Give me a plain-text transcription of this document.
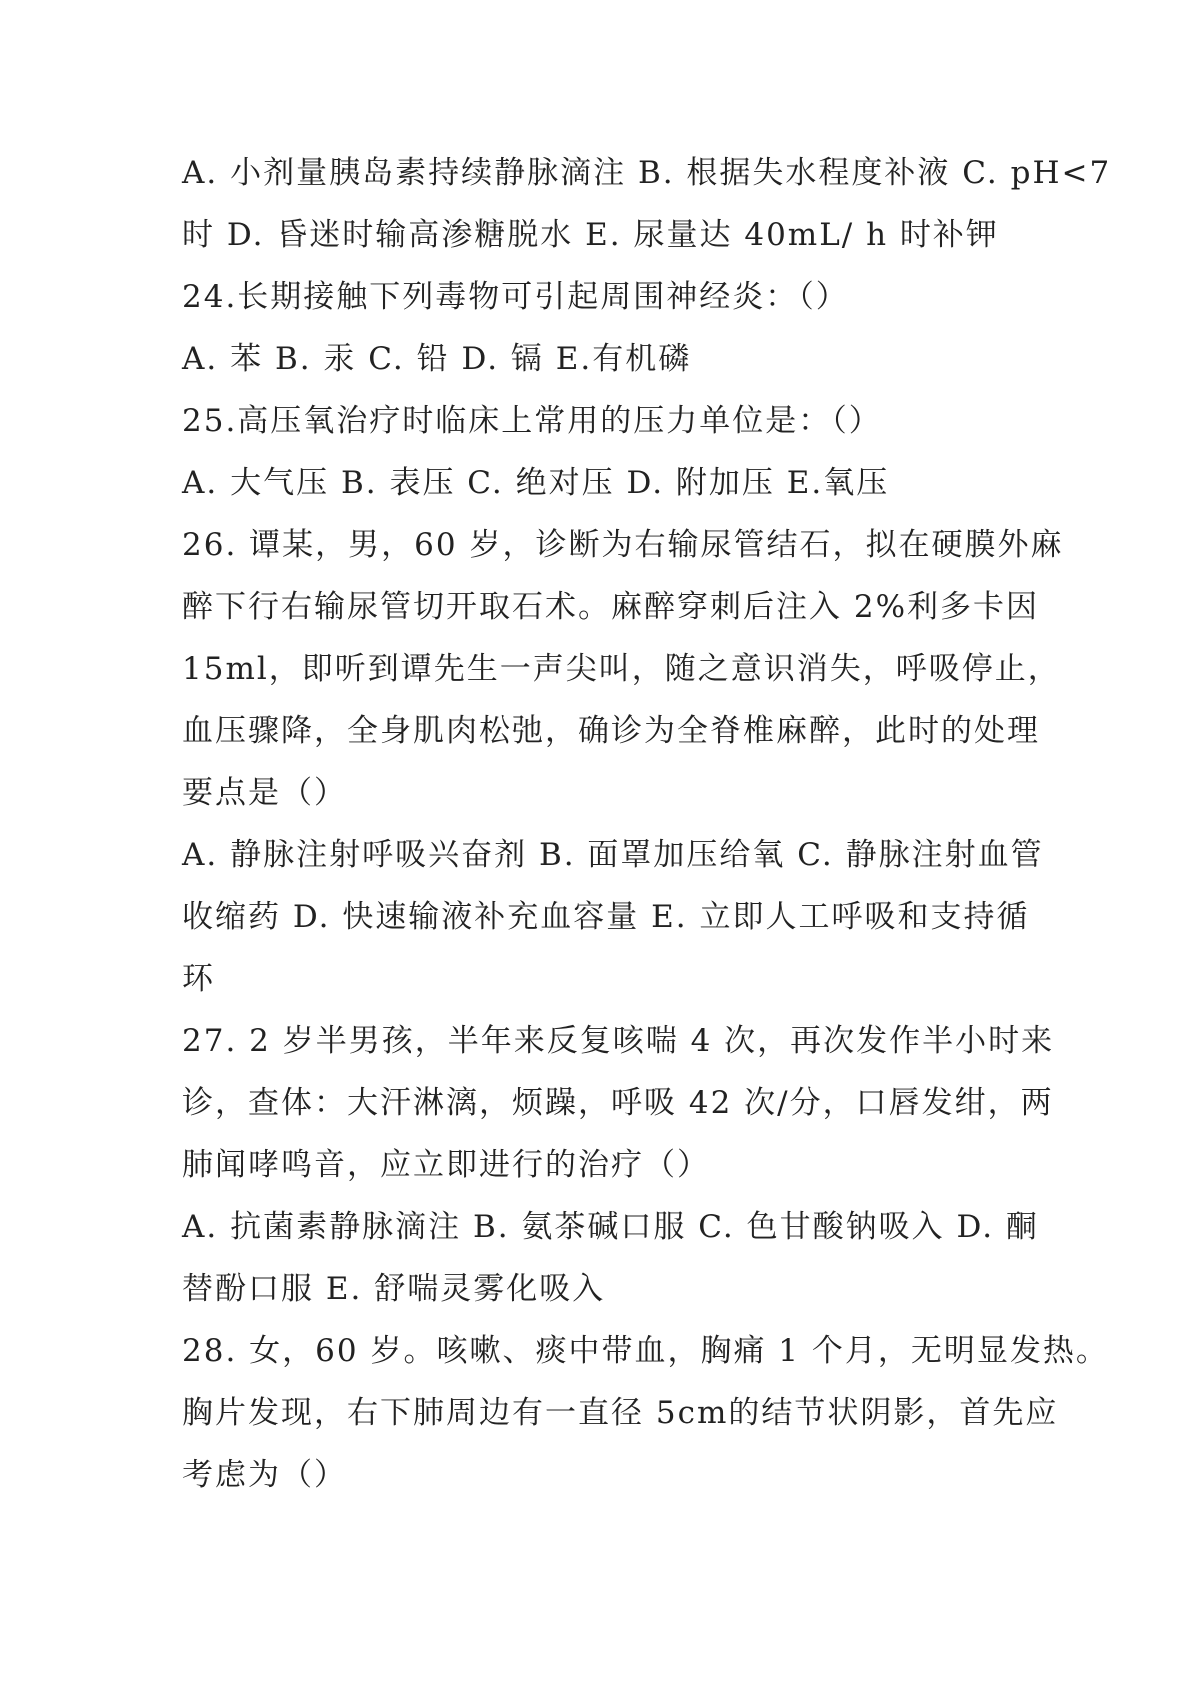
A. 小剂量胰岛素持续静脉滴注 B. 根据失水程度补液 C. pH<7
时 D. 昏迷时输高渗糖脱水 E. 尿量达 40mL/ h 时补钾
24.长期接触下列毒物可引起周围神经炎：（）
A. 苯 B. 汞 C. 铅 D. 镉 E.有机磷
25.高压氧治疗时临床上常用的压力单位是：（）
A. 大气压 B. 表压 C. 绝对压 D. 附加压 E.氧压
26. 谭某，男，60 岁，诊断为右输尿管结石，拟在硬膜外麻
醉下行右输尿管切开取石术。麻醉穿刺后注入 2%利多卡因
15ml，即听到谭先生一声尖叫，随之意识消失，呼吸停止，
血压骤降，全身肌肉松弛，确诊为全脊椎麻醉，此时的处理
要点是（）
A. 静脉注射呼吸兴奋剂 B. 面罩加压给氧 C. 静脉注射血管
收缩药 D. 快速输液补充血容量 E. 立即人工呼吸和支持循
环
27. 2 岁半男孩，半年来反复咳喘 4 次，再次发作半小时来
诊，查体：大汗淋漓，烦躁，呼吸 42 次/分，口唇发绀，两
肺闻哮鸣音，应立即进行的治疗（）
A. 抗菌素静脉滴注 B. 氨茶碱口服 C. 色甘酸钠吸入 D. 酮
替酚口服 E. 舒喘灵雾化吸入
28. 女，60 岁。咳嗽、痰中带血，胸痛 1 个月，无明显发热。
胸片发现，右下肺周边有一直径 5cm的结节状阴影，首先应
考虑为（）
